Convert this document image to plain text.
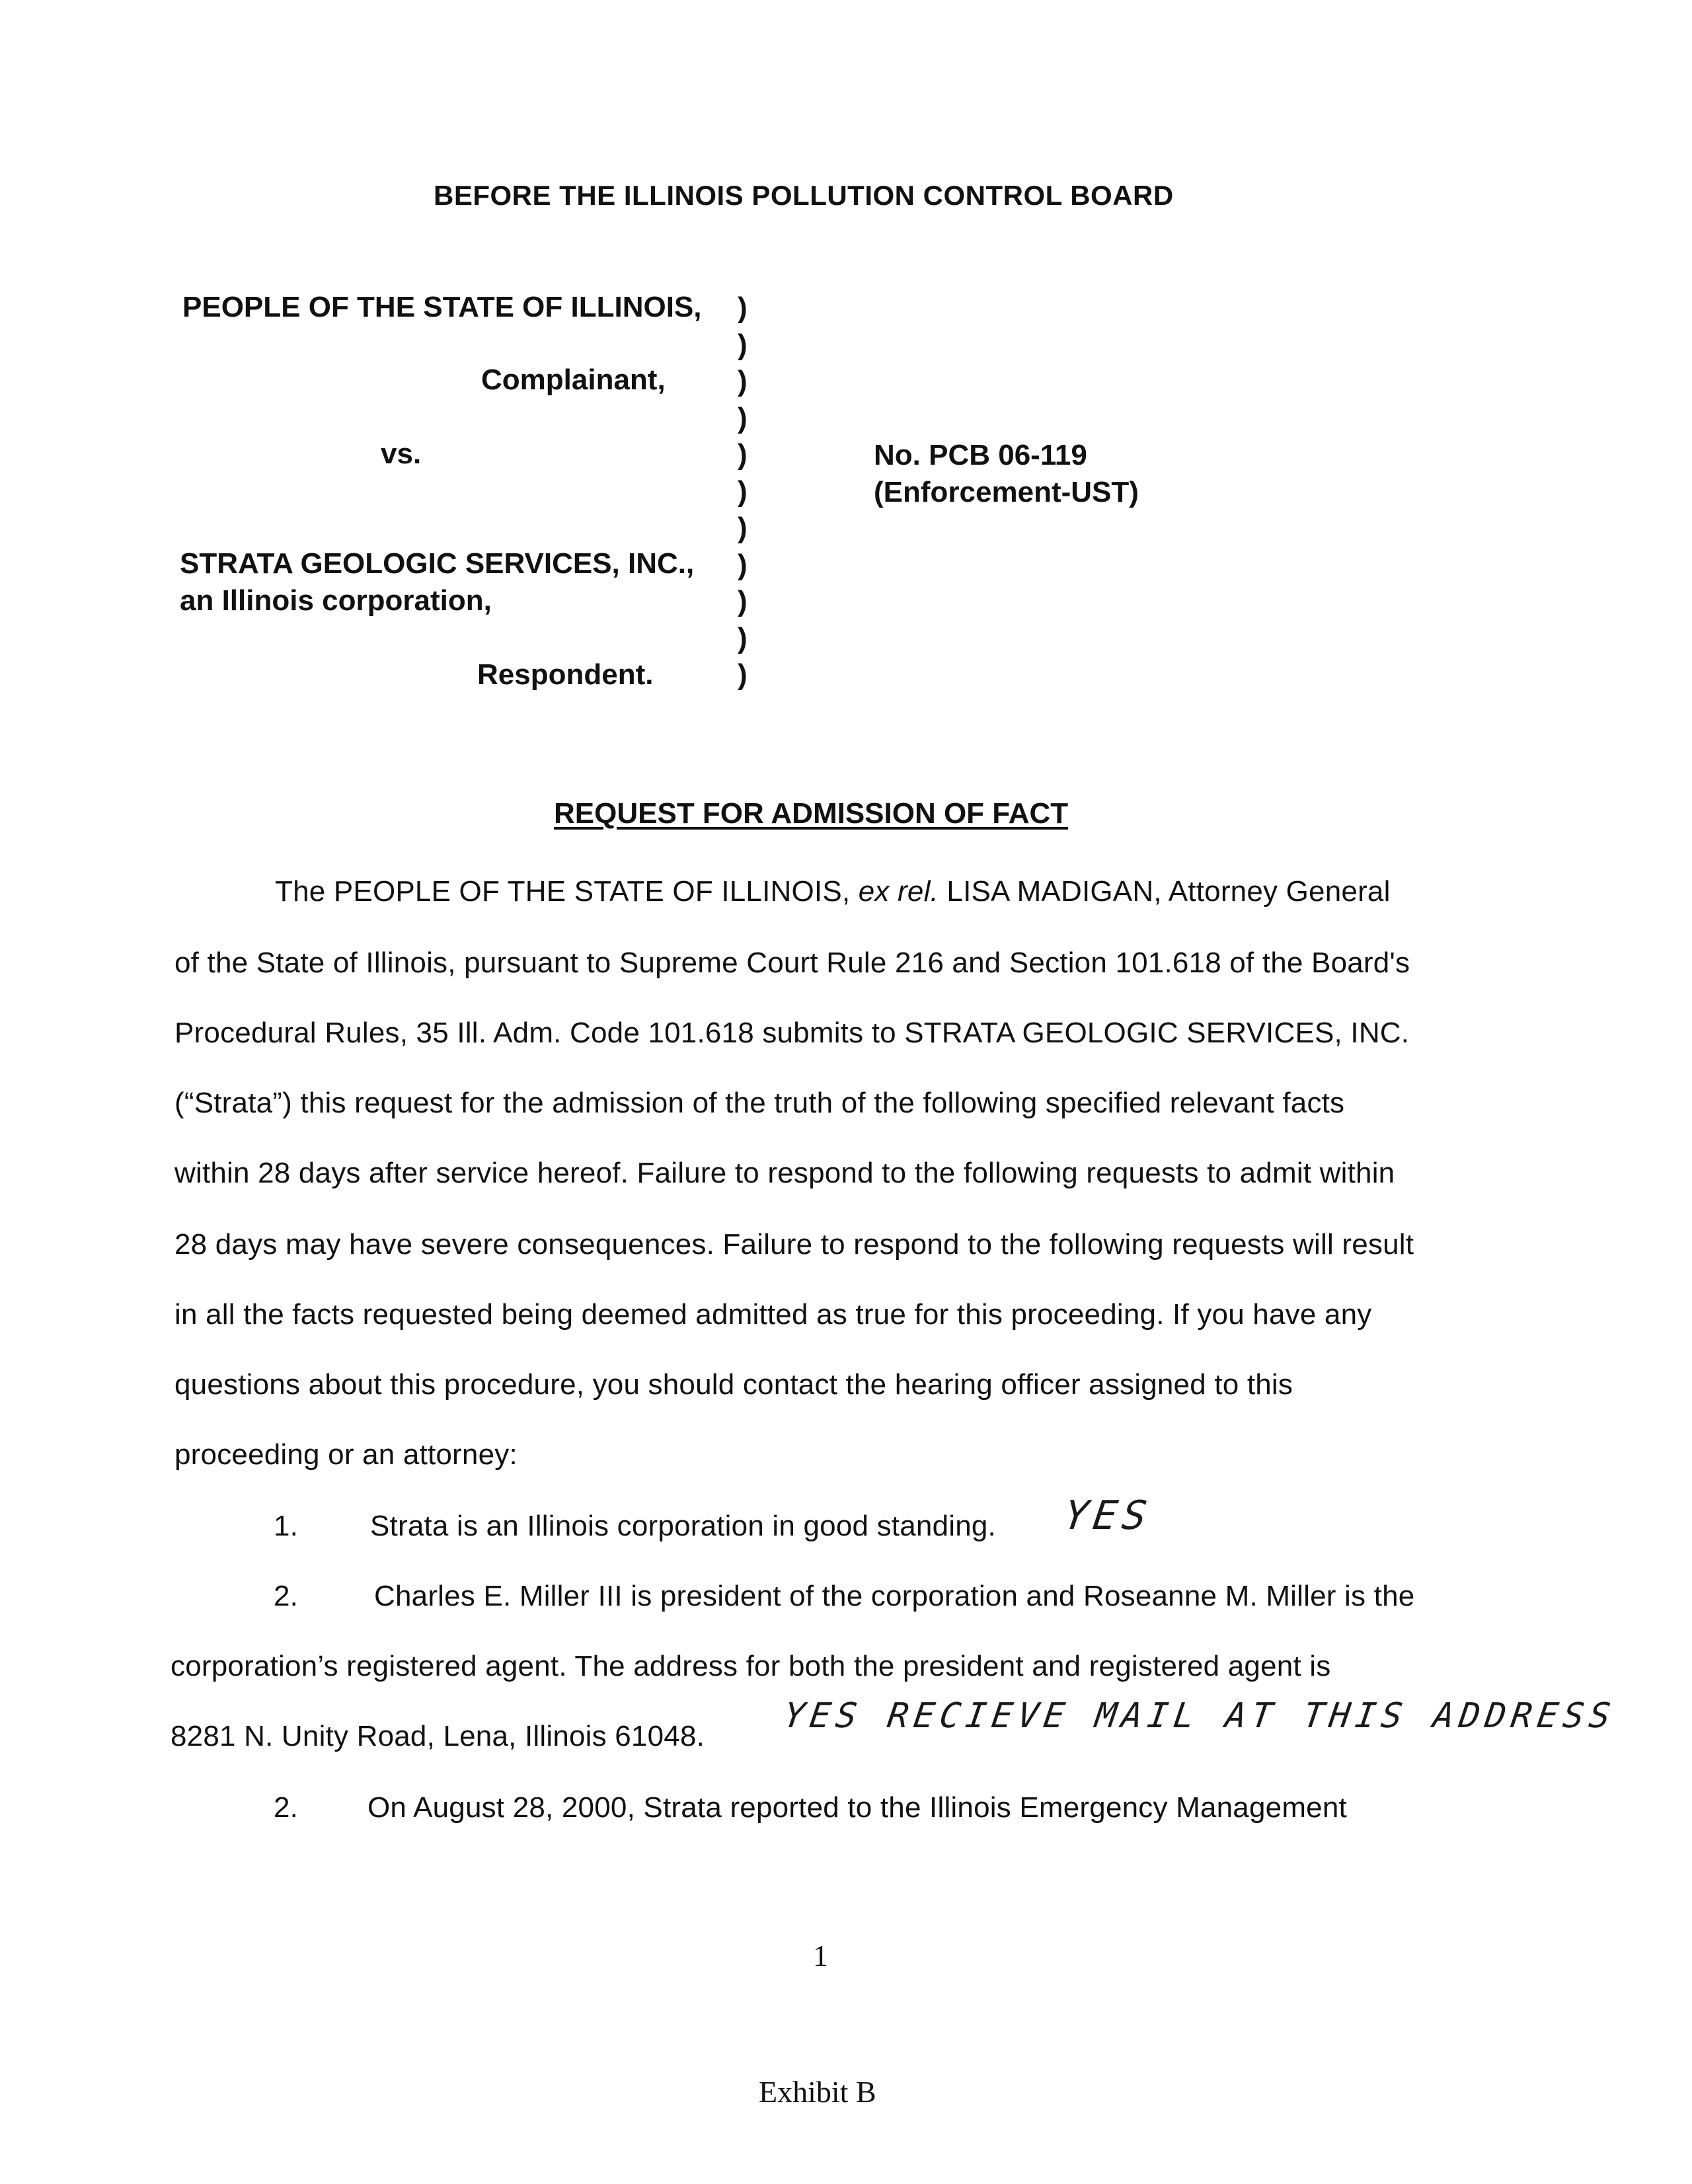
BEFORE THE ILLINOIS POLLUTION CONTROL BOARD
PEOPLE OF THE STATE OF ILLINOIS,
Complainant,
vs.
STRATA GEOLOGIC SERVICES, INC.,
an Illinois corporation,
Respondent.
)
)
)
)
)
)
)
)
)
)
)
No. PCB 06-119
(Enforcement-UST)
REQUEST FOR ADMISSION OF FACT
The PEOPLE OF THE STATE OF ILLINOIS, ex rel. LISA MADIGAN, Attorney General
of the State of Illinois, pursuant to Supreme Court Rule 216 and Section 101.618 of the Board's
Procedural Rules, 35 Ill. Adm. Code 101.618 submits to STRATA GEOLOGIC SERVICES, INC.
(“Strata”) this request for the admission of the truth of the following specified relevant facts
within 28 days after service hereof. Failure to respond to the following requests to admit within
28 days may have severe consequences. Failure to respond to the following requests will result
in all the facts requested being deemed admitted as true for this proceeding. If you have any
questions about this procedure, you should contact the hearing officer assigned to this
proceeding or an attorney:
1. Strata is an Illinois corporation in good standing. YES
2.	Charles E. Miller III is president of the corporation and Roseanne M. Miller is the
corporation’s registered agent. The address for both the president and registered agent is
8281 N. Unity Road, Lena, Illinois 61048.
YES RECIEVE MAIL AT THIS ADDRESS
2. On August 28, 2000, Strata reported to the Illinois Emergency Management
1
Exhibit B
